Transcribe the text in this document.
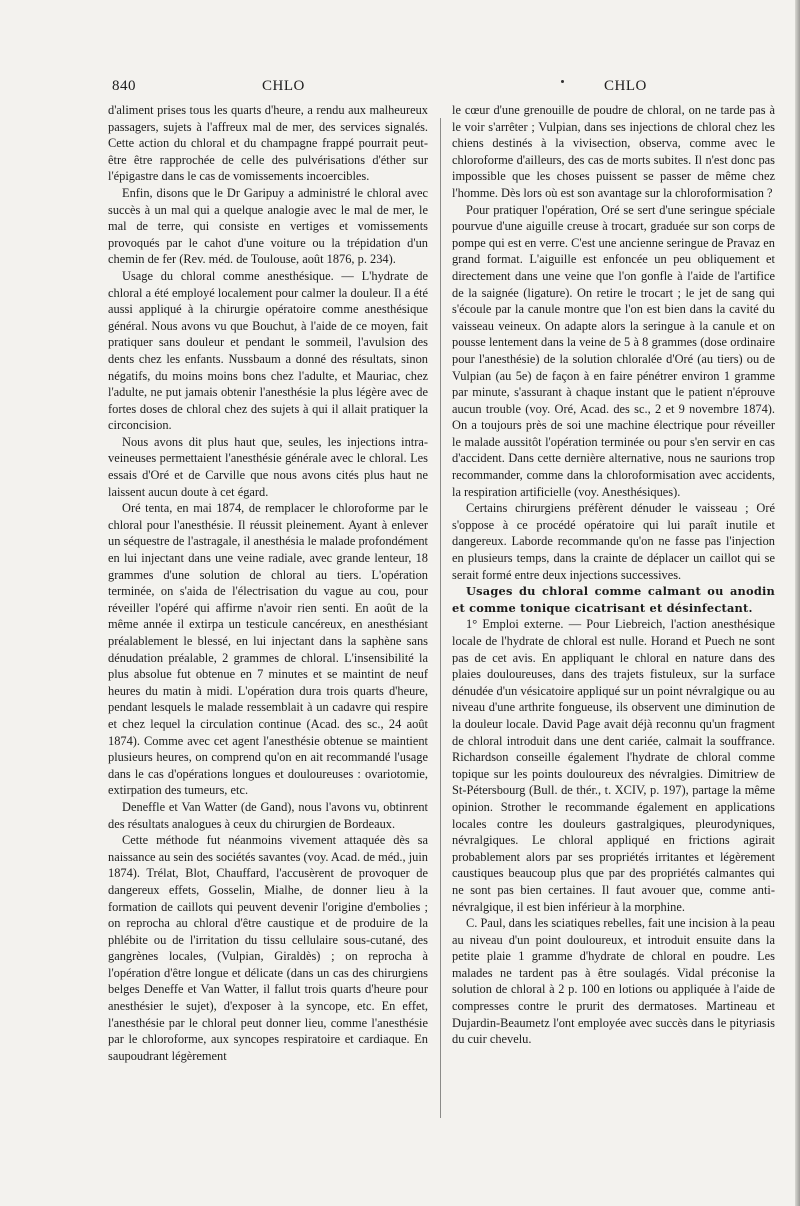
840	CHLO	CHLO

d'aliment prises tous les quarts d'heure, a rendu aux malheureux passagers, sujets à l'affreux mal de mer, des services signalés. Cette action du chloral et du champagne frappé pourrait peut-être être rapprochée de celle des pulvérisations d'éther sur l'épigastre dans le cas de vomissements incoercibles.

Enfin, disons que le Dr Garipuy a administré le chloral avec succès à un mal qui a quelque analogie avec le mal de mer, le mal de terre, qui consiste en vertiges et vomissements provoqués par le cahot d'une voiture ou la trépidation d'un chemin de fer (Rev. méd. de Toulouse, août 1876, p. 234).

Usage du chloral comme anesthésique. — L'hydrate de chloral a été employé localement pour calmer la douleur. Il a été aussi appliqué à la chirurgie opératoire comme anesthésique général. Nous avons vu que Bouchut, à l'aide de ce moyen, fait pratiquer sans douleur et pendant le sommeil, l'avulsion des dents chez les enfants. Nussbaum a donné des résultats, sinon négatifs, du moins moins bons chez l'adulte, et Mauriac, chez l'adulte, ne put jamais obtenir l'anesthésie la plus légère avec de fortes doses de chloral chez des sujets à qui il allait pratiquer la circoncision.

Nous avons dit plus haut que, seules, les injections intra-veineuses permettaient l'anesthésie générale avec le chloral. Les essais d'Oré et de Carville que nous avons cités plus haut ne laissent aucun doute à cet égard.

Oré tenta, en mai 1874, de remplacer le chloroforme par le chloral pour l'anesthésie. Il réussit pleinement. Ayant à enlever un séquestre de l'astragale, il anesthésia le malade profondément en lui injectant dans une veine radiale, avec grande lenteur, 18 grammes d'une solution de chloral au tiers. L'opération terminée, on s'aida de l'électrisation du vague au cou, pour réveiller l'opéré qui affirme n'avoir rien senti. En août de la même année il extirpa un testicule cancéreux, en anesthésiant préalablement le blessé, en lui injectant dans la saphène sans dénudation préalable, 2 grammes de chloral. L'insensibilité la plus absolue fut obtenue en 7 minutes et se maintint de neuf heures du matin à midi. L'opération dura trois quarts d'heure, pendant lesquels le malade ressemblait à un cadavre qui respire et chez lequel la circulation continue (Acad. des sc., 24 août 1874). Comme avec cet agent l'anesthésie obtenue se maintient plusieurs heures, on comprend qu'on en ait recommandé l'usage dans le cas d'opérations longues et douloureuses : ovariotomie, extirpation des tumeurs, etc.

Deneffle et Van Watter (de Gand), nous l'avons vu, obtinrent des résultats analogues à ceux du chirurgien de Bordeaux.

Cette méthode fut néanmoins vivement attaquée dès sa naissance au sein des sociétés savantes (voy. Acad. de méd., juin 1874). Trélat, Blot, Chauffard, l'accusèrent de provoquer de dangereux effets, Gosselin, Mialhe, de donner lieu à la formation de caillots qui peuvent devenir l'origine d'embolies ; on reprocha au chloral d'être caustique et de produire de la phlébite ou de l'irritation du tissu cellulaire sous-cutané, des gangrènes locales, (Vulpian, Giraldès) ; on reprocha à l'opération d'être longue et délicate (dans un cas des chirurgiens belges Deneffe et Van Watter, il fallut trois quarts d'heure pour anesthésier le sujet), d'exposer à la syncope, etc. En effet, l'anesthésie par le chloral peut donner lieu, comme l'anesthésie par le chloroforme, aux syncopes respiratoire et cardiaque. En saupoudrant légèrement

le cœur d'une grenouille de poudre de chloral, on ne tarde pas à le voir s'arrêter ; Vulpian, dans ses injections de chloral chez les chiens destinés à la vivisection, observa, comme avec le chloroforme d'ailleurs, des cas de morts subites. Il n'est donc pas impossible que les choses puissent se passer de même chez l'homme. Dès lors où est son avantage sur la chloroformisation ?

Pour pratiquer l'opération, Oré se sert d'une seringue spéciale pourvue d'une aiguille creuse à trocart, graduée sur son corps de pompe qui est en verre. C'est une ancienne seringue de Pravaz en grand format. L'aiguille est enfoncée un peu obliquement et directement dans une veine que l'on gonfle à l'aide de l'artifice de la saignée (ligature). On retire le trocart ; le jet de sang qui s'écoule par la canule montre que l'on est bien dans la cavité du vaisseau veineux. On adapte alors la seringue à la canule et on pousse lentement dans la veine de 5 à 8 grammes (dose ordinaire pour l'anesthésie) de la solution chloralée d'Oré (au tiers) ou de Vulpian (au 5e) de façon à en faire pénétrer environ 1 gramme par minute, s'assurant à chaque instant que le patient n'éprouve aucun trouble (voy. Oré, Acad. des sc., 2 et 9 novembre 1874). On a toujours près de soi une machine électrique pour réveiller le malade aussitôt l'opération terminée ou pour s'en servir en cas d'accident. Dans cette dernière alternative, nous ne saurions trop recommander, comme dans la chloroformisation avec accidents, la respiration artificielle (voy. Anesthésiques).

Certains chirurgiens préfèrent dénuder le vaisseau ; Oré s'oppose à ce procédé opératoire qui lui paraît inutile et dangereux. Laborde recommande qu'on ne fasse pas l'injection en plusieurs temps, dans la crainte de déplacer un caillot qui se serait formé entre deux injections successives.

Usages du chloral comme calmant ou anodin et comme tonique cicatrisant et désinfectant.

1° Emploi externe. — Pour Liebreich, l'action anesthésique locale de l'hydrate de chloral est nulle. Horand et Puech ne sont pas de cet avis. En appliquant le chloral en nature dans des plaies douloureuses, dans des trajets fistuleux, sur la surface dénudée d'un vésicatoire appliqué sur un point névralgique ou au niveau d'une arthrite fongueuse, ils observent une diminution de la douleur locale. David Page avait déjà reconnu qu'un fragment de chloral introduit dans une dent cariée, calmait la souffrance. Richardson conseille également l'hydrate de chloral comme topique sur les points douloureux des névralgies. Dimitriew de St-Pétersbourg (Bull. de thér., t. XCIV, p. 197), partage la même opinion. Strother le recommande également en applications locales contre les douleurs gastralgiques, pleurodyniques, névralgiques. Le chloral appliqué en frictions agirait probablement alors par ses propriétés irritantes et légèrement caustiques beaucoup plus que par des propriétés calmantes qui ne sont pas bien certaines. Il faut avouer que, comme anti-névralgique, il est bien inférieur à la morphine.

C. Paul, dans les sciatiques rebelles, fait une incision à la peau au niveau d'un point douloureux, et introduit ensuite dans la petite plaie 1 gramme d'hydrate de chloral en poudre. Les malades ne tardent pas à être soulagés. Vidal préconise la solution de chloral à 2 p. 100 en lotions ou appliquée à l'aide de compresses contre le prurit des dermatoses. Martineau et Dujardin-Beaumetz l'ont employée avec succès dans le pityriasis du cuir chevelu.
